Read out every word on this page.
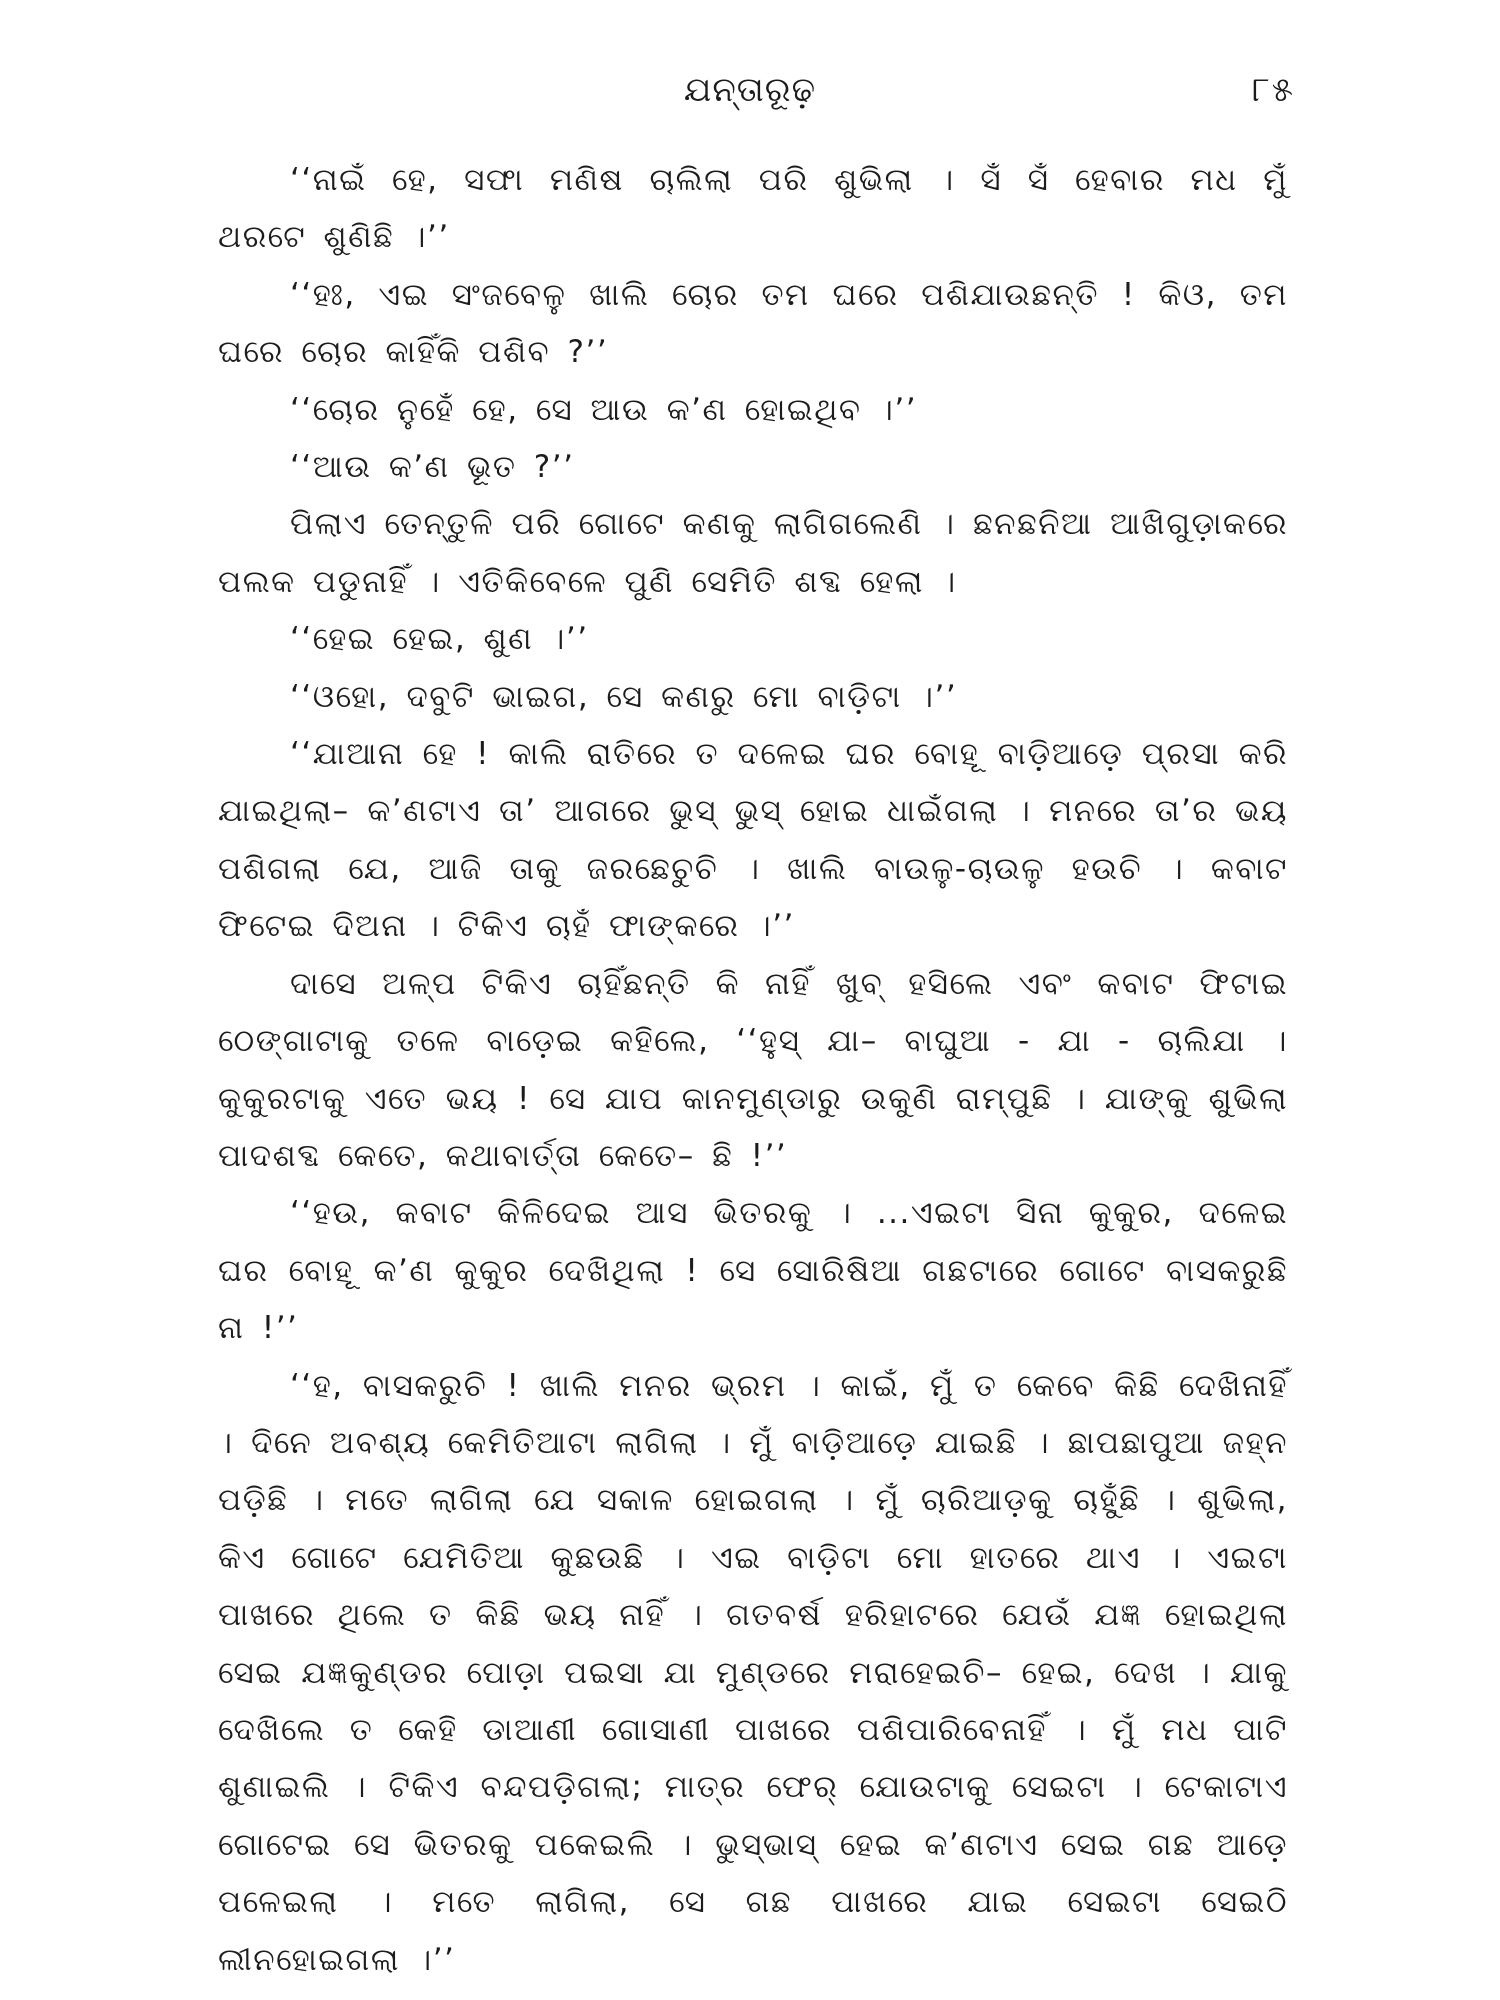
ଯନ୍ତାରୂଢ଼	୮୫

‘‘ନାଇଁ ହେ, ସଫା ମଣିଷ ଚାଲିଲା ପରି ଶୁଭିଲା । ସଁ ସଁ ହେବାର ମଧ ମୁଁ ଥରଟେ ଶୁଣିଛି ।’’

‘‘ହଃ, ଏଇ ସଂଜବେଳୁ ଖାଲି ଚୋର ତମ ଘରେ ପଶିଯାଉଛନ୍ତି ! କିଓ, ତମ ଘରେ ଚୋର କାହିଁକି ପଶିବ ?’’

‘‘ଚୋର ନୁହେଁ ହେ, ସେ ଆଉ କ’ଣ ହୋଇଥିବ ।’’

‘‘ଆଉ କ’ଣ ଭୂତ ?’’

ପିଲାଏ ତେନ୍ତୁଳି ପରି ଗୋଟେ କଣକୁ ଲାଗିଗଲେଣି । ଛନଛନିଆ ଆଖିଗୁଡ଼ାକରେ ପଲକ ପଡୁନାହିଁ । ଏତିକିବେଳେ ପୁଣି ସେମିତି ଶବ୍ଦ ହେଲା ।

‘‘ହେଇ ହେଇ, ଶୁଣ ।’’

‘‘ଓହୋ, ଦବୁଟି ଭାଇଗ, ସେ କଣରୁ ମୋ ବାଡ଼ିଟା ।’’

‘‘ଯାଆନା ହେ ! କାଲି ରାତିରେ ତ ଦଳେଇ ଘର ବୋହୂ ବାଡ଼ିଆଡ଼େ ପ୍ରସା କରି ଯାଇଥିଲା– କ’ଣଟାଏ ତା’ ଆଗରେ ଭୁସ୍ ଭୁସ୍ ହୋଇ ଧାଇଁଗଲା । ମନରେ ତା’ର ଭୟ ପଶିଗଲା ଯେ, ଆଜି ତାକୁ ଜରଛେଚୁଚି । ଖାଲି ବାଉଳୁ-ଚାଉଳୁ ହଉଚି । କବାଟ ଫିଟେଇ ଦିଅନା । ଟିକିଏ ଚାହଁ ଫାଙ୍କରେ ।’’

ଦାସେ ଅଳ୍ପ ଟିକିଏ ଚାହିଁଛନ୍ତି କି ନାହିଁ ଖୁବ୍ ହସିଲେ ଏବଂ କବାଟ ଫିଟାଇ ଠେଙ୍ଗାଟାକୁ ତଳେ ବାଡ଼େଇ କହିଲେ, ‘‘ହୁସ୍ ଯା– ବାଘୁଆ - ଯା - ଚାଲିଯା । କୁକୁରଟାକୁ ଏତେ ଭୟ ! ସେ ଯାପ କାନମୁଣ୍ଡାରୁ ଉକୁଣି ରାମ୍ପୁଛି । ଯାଙ୍କୁ ଶୁଭିଲା ପାଦଶବ୍ଦ କେତେ, କଥାବାର୍ତ୍ତା କେତେ– ଛି !’’

‘‘ହଉ, କବାଟ କିଳିଦେଇ ଆସ ଭିତରକୁ । ...ଏଇଟା ସିନା କୁକୁର, ଦଳେଇ ଘର ବୋହୂ କ’ଣ କୁକୁର ଦେଖିଥିଲା ! ସେ ସୋରିଷିଆ ଗଛଟାରେ ଗୋଟେ ବାସକରୁଛି ନା !’’

‘‘ହ, ବାସକରୁଚି ! ଖାଲି ମନର ଭ୍ରମ । କାଇଁ, ମୁଁ ତ କେବେ କିଛି ଦେଖିନାହିଁ । ଦିନେ ଅବଶ୍ୟ କେମିତିଆଟା ଲାଗିଲା । ମୁଁ ବାଡ଼ିଆଡ଼େ ଯାଇଛି । ଛାପଛାପୁଆ ଜହ୍ନ ପଡ଼ିଛି । ମତେ ଲାଗିଲା ଯେ ସକାଳ ହୋଇଗଲା । ମୁଁ ଚାରିଆଡ଼କୁ ଚାହୁଁଛି । ଶୁଭିଲା, କିଏ ଗୋଟେ ଯେମିତିଆ କୁଛଉଛି । ଏଇ ବାଡ଼ିଟା ମୋ ହାତରେ ଥାଏ । ଏଇଟା ପାଖରେ ଥିଲେ ତ କିଛି ଭୟ ନାହିଁ । ଗତବର୍ଷ ହରିହାଟରେ ଯେଉଁ ଯଜ୍ଞ ହୋଇଥିଲା ସେଇ ଯଜ୍ଞକୁଣ୍ଡର ପୋଡ଼ା ପଇସା ଯା ମୁଣ୍ଡରେ ମରାହେଇଚି– ହେଇ, ଦେଖ । ଯାକୁ ଦେଖିଲେ ତ କେହି ଡାଆଣୀ ଗୋସାଣୀ ପାଖରେ ପଶିପାରିବେନାହିଁ । ମୁଁ ମଧ ପାଟି ଶୁଣାଇଲି । ଟିକିଏ ବନ୍ଦପଡ଼ିଗଲା; ମାତ୍ର ଫେର୍ ଯୋଉଟାକୁ ସେଇଟା । ଟେକାଟାଏ ଗୋଟେଇ ସେ ଭିତରକୁ ପକେଇଲି । ଭୁସ୍‌ଭାସ୍ ହେଇ କ’ଣଟାଏ ସେଇ ଗଛ ଆଡ଼େ ପଳେଇଲା । ମତେ ଲାଗିଲା, ସେ ଗଛ ପାଖରେ ଯାଇ ସେଇଟା ସେଇଠି ଲୀନହୋଇଗଲା ।’’
